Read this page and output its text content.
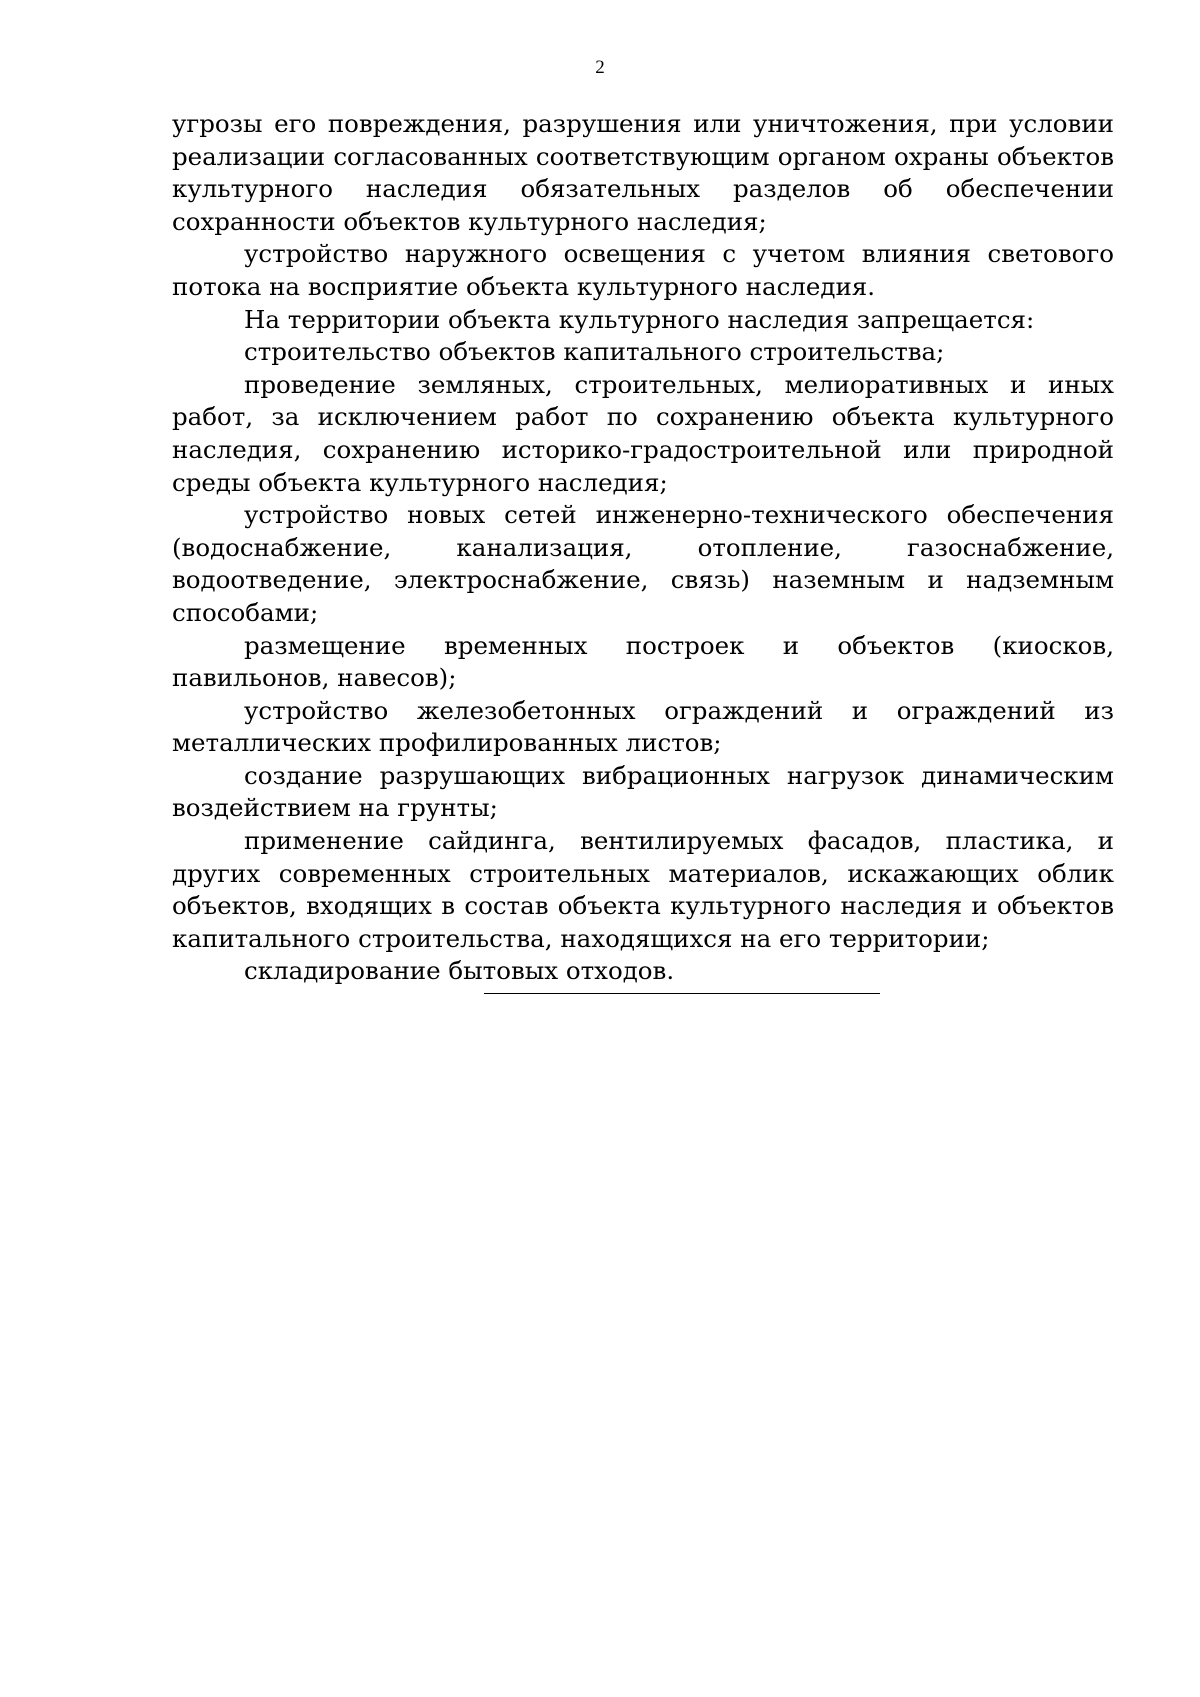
2

угрозы его повреждения, разрушения или уничтожения, при условии реализации согласованных соответствующим органом охраны объектов культурного наследия обязательных разделов об обеспечении сохранности объектов культурного наследия;

устройство наружного освещения с учетом влияния светового потока на восприятие объекта культурного наследия.

На территории объекта культурного наследия запрещается:

строительство объектов капитального строительства;

проведение земляных, строительных, мелиоративных и иных работ, за исключением работ по сохранению объекта культурного наследия, сохранению историко-градостроительной или природной среды объекта культурного наследия;

устройство новых сетей инженерно-технического обеспечения (водоснабжение, канализация, отопление, газоснабжение, водоотведение, электроснабжение, связь) наземным и надземным способами;

размещение временных построек и объектов (киосков, павильонов, навесов);

устройство железобетонных ограждений и ограждений из металлических профилированных листов;

создание разрушающих вибрационных нагрузок динамическим воздействием на грунты;

применение сайдинга, вентилируемых фасадов, пластика, и других современных строительных материалов, искажающих облик объектов, входящих в состав объекта культурного наследия и объектов капитального строительства, находящихся на его территории;

складирование бытовых отходов.
